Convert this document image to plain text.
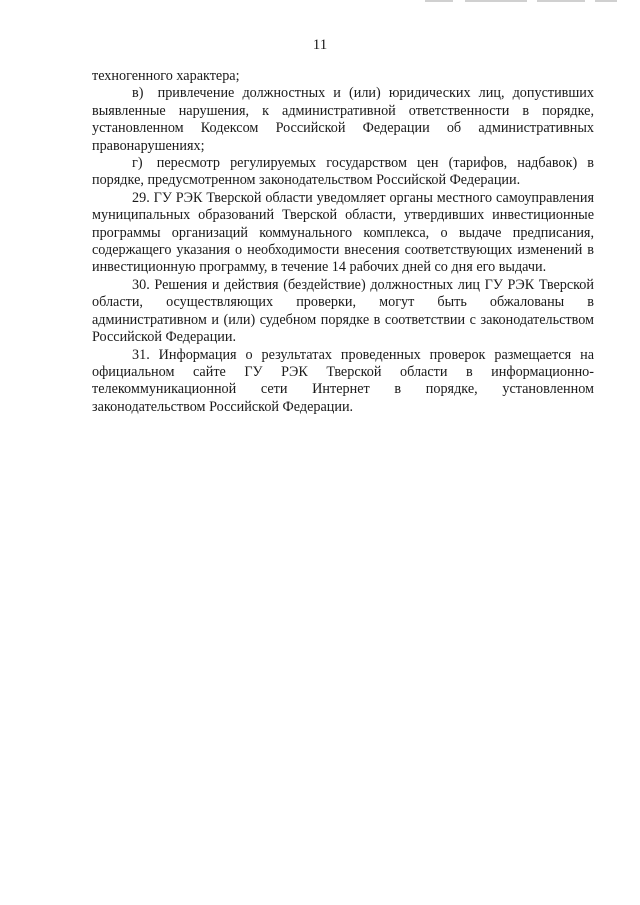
11

техногенного характера;

в) привлечение должностных и (или) юридических лиц, допустивших выявленные нарушения, к административной ответственности в порядке, установленном Кодексом Российской Федерации об административных правонарушениях;

г) пересмотр регулируемых государством цен (тарифов, надбавок) в порядке, предусмотренном законодательством Российской Федерации.

29. ГУ РЭК Тверской области уведомляет органы местного самоуправления муниципальных образований Тверской области, утвердивших инвестиционные программы организаций коммунального комплекса, о выдаче предписания, содержащего указания о необходимости внесения соответствующих изменений в инвестиционную программу, в течение 14 рабочих дней со дня его выдачи.

30. Решения и действия (бездействие) должностных лиц ГУ РЭК Тверской области, осуществляющих проверки, могут быть обжалованы в административном и (или) судебном порядке в соответствии с законодательством Российской Федерации.

31. Информация о результатах проведенных проверок размещается на официальном сайте ГУ РЭК Тверской области в информационно-телекоммуникационной сети Интернет в порядке, установленном законодательством Российской Федерации.
